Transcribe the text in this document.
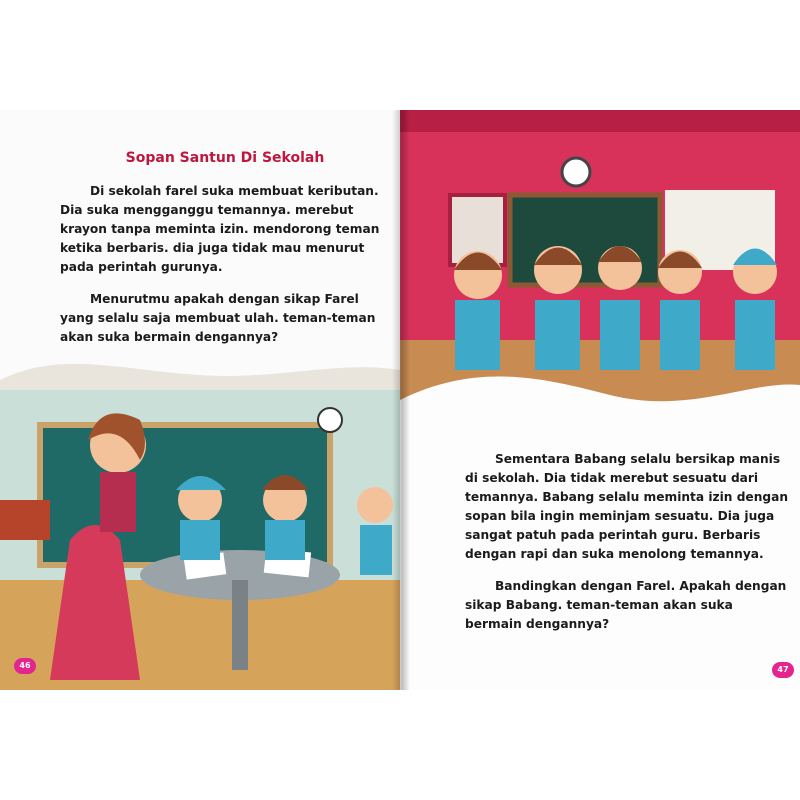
Sopan Santun Di Sekolah

Di sekolah farel suka membuat keributan. Dia suka mengganggu temannya. merebut krayon tanpa meminta izin. mendorong teman ketika berbaris. dia juga tidak mau menurut pada perintah gurunya.

Menurutmu apakah dengan sikap Farel yang selalu saja membuat ulah. teman-teman akan suka bermain dengannya?

46	47

Sementara Babang selalu bersikap manis di sekolah. Dia tidak merebut sesuatu dari temannya. Babang selalu meminta izin dengan sopan bila ingin meminjam sesuatu. Dia juga sangat patuh pada perintah guru. Berbaris dengan rapi dan suka menolong temannya.

Bandingkan dengan Farel. Apakah dengan sikap Babang. teman-teman akan suka bermain dengannya?
